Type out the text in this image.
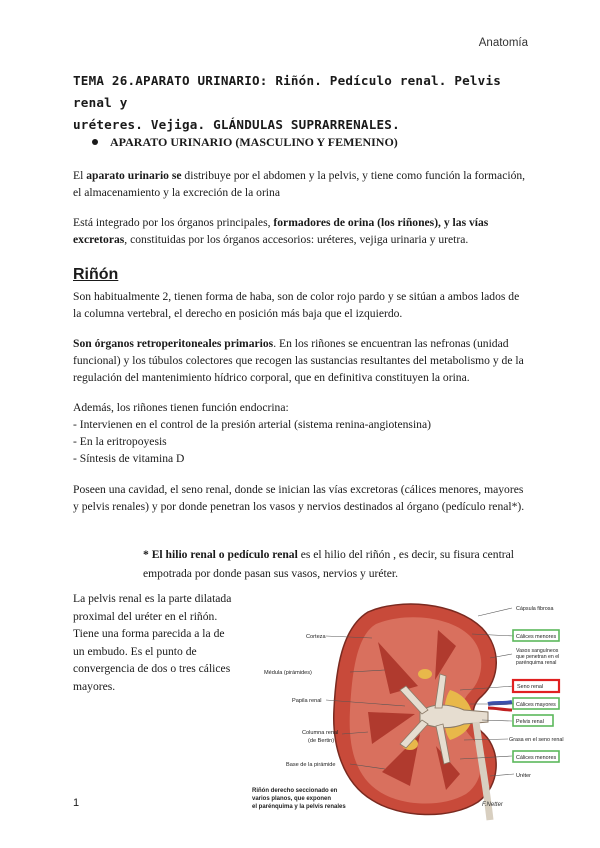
Anatomía
TEMA 26.APARATO URINARIO: Riñón. Pedículo renal. Pelvis renal y
uréteres. Vejiga. GLÁNDULAS SUPRARRENALES.
APARATO URINARIO (MASCULINO Y FEMENINO)
El aparato urinario se distribuye por el abdomen y la pelvis, y tiene como función la formación, el almacenamiento y la excreción de la orina
Está integrado por los órganos principales, formadores de orina (los riñones), y las vías excretoras, constituidas por los órganos accesorios: uréteres, vejiga urinaria y uretra.
Riñón
Son habitualmente 2, tienen forma de haba, son de color rojo pardo y se sitúan a ambos lados de la columna vertebral, el derecho en posición más baja que el izquierdo.
Son órganos retroperitoneales primarios. En los riñones se encuentran las nefronas (unidad funcional) y los túbulos colectores que recogen las sustancias resultantes del metabolismo y de la regulación del mantenimiento hídrico corporal, que en definitiva constituyen la orina.
Además, los riñones tienen función endocrina:
- Intervienen en el control de la presión arterial (sistema renina-angiotensina)
- En la eritropoyesis
- Síntesis de vitamina D
Poseen una cavidad, el seno renal, donde se inician las vías excretoras (cálices menores, mayores y pelvis renales) y por donde penetran los vasos y nervios destinados al órgano (pedículo renal*).
* El hilio renal o pedículo renal es el hilio del riñón , es decir, su fisura central empotrada por donde pasan sus vasos, nervios y uréter.
La pelvis renal es la parte dilatada proximal del uréter en el riñón. Tiene una forma parecida a la de un embudo. Es el punto de convergencia de dos o tres cálices mayores.
Corteza
Médula (pirámides)
Papila renal
Columna renal
(de Bertin)
Base de la pirámide
Cápsula fibrosa
Cálices menores
Vasos sanguíneos
que penetran en el
parénquima renal
Seno renal
Cálices mayores
Pelvis renal
Grasa en el seno renal
Cálices menores
Uréter
Riñón derecho seccionado en
varios planos, que exponen
el parénquima y la pelvis renales	F.Netter
1
